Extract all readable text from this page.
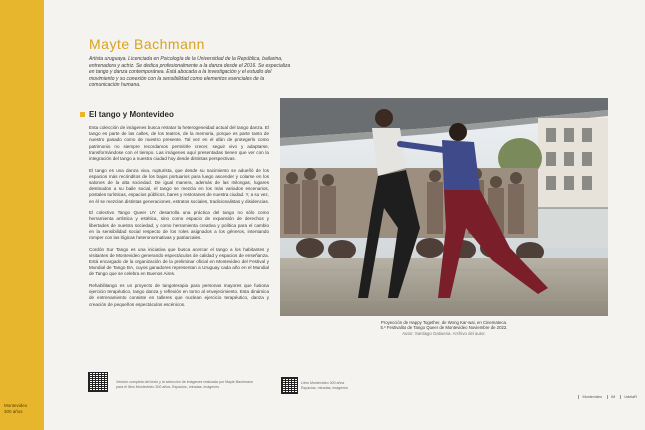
Montevideo
300 años
Mayte Bachmann
Artista uruguaya. Licenciada en Psicología de la Universidad de la República, bailarina, entrenadora y actriz. Se dedica profesionalmente a la danza desde el 2016. Se especializa en tango y danza contemporánea. Está abocada a la investigación y el estudio del movimiento y su conexión con la sensibilidad como elementos esenciales de la comunicación humana.
El tango y Montevideo

Esta colección de imágenes busca retratar la heterogeneidad actual del tango danza. El tango es parte de las calles, de los teatros, de la memoria, porque es parte tanto de nuestro pasado como de nuestro presente. Tal vez en el afán de protegerlo como patrimonio no siempre recordamos permitirle crecer, seguir vivo y adaptarse, transformándose con el tiempo. Las imágenes aquí presentadas tienen que ver con la integración del tango a nuestra ciudad hoy desde distintas perspectivas.

El tango es una danza viva, rupturista, que desde su nacimiento se adueñó de los espacios más recónditos de los bajos portuarios para luego ascender y colarse en los salones de la alta sociedad. De igual manera, además de las milongas, lugares destinados a su baile social, el tango se mezcla en los más variados escenarios, postales turísticas, espacios públicos, bares y restoranes de nuestra ciudad. Y, a su vez, en él se mezclan distintas generaciones, estratos sociales, tradicionalistas y disidencias.

El colectivo Tango Queer UY desarrolla una práctica del tango no sólo como herramienta artística y estética, sino como espacio de expansión de derechos y libertades de nuestra sociedad, y como herramienta creativa y política para el cambio en la sensibilidad social respecto de los roles asignados a los géneros, intentando romper con las lógicas heteronormativas y patriarcales.

Cordón Sur Tango es una iniciativa que busca acercar el tango a los habitantes y visitantes de Montevideo generando espectáculos de calidad y espacios de enseñanza. Está encargado de la organización de la preliminar oficial en Montevideo del Festival y Mundial de Tango BA, cuyos ganadores representan a Uruguay cada año en el Mundial de Tango que se celebra en Buenos Aires.

Rehabilitango es un proyecto de tangoterapia para personas mayores que fusiona ejercicio terapéutico, tango danza y reflexión en torno al envejecimiento. Esta dinámica de entrenamiento consiste en talleres que nuclean ejercicio terapéutico, danza y creación de pequeños espectáculos escénicos.

Proyección de Happy Together, de Wong Kar-wai, en Cinemateca.
5.º Festivalito de Tango Queer de Montevideo Noviembre de 2022.
Autor: Santiago Gatiuena. Archivo del autor.
Versión completa del texto y la selección de imágenes realizada por Mayte Bachmann
para el libro Montevideo 300 años. Espacios, miradas, imágenes
Libro Montevideo 300 años
Espacios, miradas, imágenes
Montevideo	IM	UdelaR
